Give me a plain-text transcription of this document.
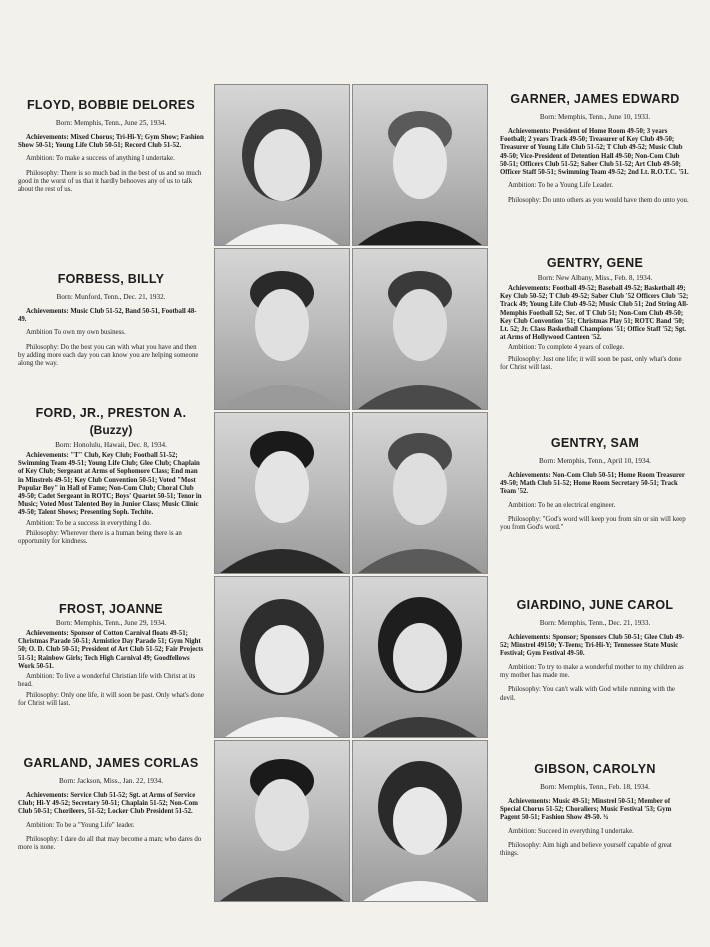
FLOYD, BOBBIE DELORES
Born: Memphis, Tenn., June 25, 1934.
Achievements: Mixed Chorus; Tri-Hi-Y; Gym Show; Fashion Show 50-51; Young Life Club 50-51; Record Club 51-52.
Ambition: To make a success of anything I undertake.
Philosophy: There is so much bad in the best of us and so much good in the worst of us that it hardly behooves any of us to talk about the rest of us.
FORBESS, BILLY
Born: Munford, Tenn., Dec. 21, 1932.
Achievements: Music Club 51-52, Band 50-51, Football 48-49.
Ambition To own my own business.
Philosophy: Do the best you can with what you have and then by adding more each day you can know you are helping someone along the way.
FORD, JR., PRESTON A.
(Buzzy)
Born: Honolulu, Hawaii, Dec. 8, 1934.
Achievements: "T" Club, Key Club; Football 51-52; Swimming Team 49-51; Young Life Club; Glee Club; Chaplain of Key Club; Sergeant at Arms of Sophomore Class; End man in Minstrels 49-51; Key Club Convention 50-51; Voted "Most Popular Boy" in Hall of Fame; Non-Com Club; Choral Club 49-50; Cadet Sergeant in ROTC; Boys' Quartet 50-51; Tenor in Music; Voted Most Talented Boy in Junior Class; Music Clinic 49-50; Talent Shows; Presenting Soph. Techite.
Ambition: To be a success in everything I do.
Philosophy: Wherever there is a human being there is an opportunity for kindness.
FROST, JOANNE
Born: Memphis, Tenn., June 29, 1934.
Achievements: Sponsor of Cotton Carnival floats 49-51; Christmas Parade 50-51; Armistice Day Parade 51; Gym Night 50; O. D. Club 50-51; President of Art Club 51-52; Fair Projects 51-51; Rainbow Girls; Tech High Carnival 49; Goodfellows Work 50-51.
Ambition: To live a wonderful Christian life with Christ at its head.
Philosophy: Only one life, it will soon be past. Only what's done for Christ will last.
GARLAND, JAMES CORLAS
Born: Jackson, Miss., Jan. 22, 1934.
Achievements: Service Club 51-52; Sgt. at Arms of Service Club; Hi-Y 49-52; Secretary 50-51; Chaplain 51-52; Non-Com Club 50-51; Chorileers, 51-52; Locker Club President 51-52.
Ambition: To be a "Young Life" leader.
Philosophy: I dare do all that may become a man; who dares do more is none.
GARNER, JAMES EDWARD
Born: Memphis, Tenn., June 10, 1933.
Achievements: President of Home Room 49-50; 3 years Football; 2 years Track 49-50; Treasurer of Key Club 49-50; Treasurer of Young Life Club 51-52; T Club 49-52; Music Club 49-50; Vice-President of Detention Hall 49-50; Non-Com Club 50-51; Officers Club 51-52; Saber Club 51-52; Art Club 49-50; Officer Staff 50-51; Swimming Team 49-52; 2nd Lt. R.O.T.C. '51.
Ambition: To be a Young Life Leader.
Philosophy: Do unto others as you would have them do unto you.
GENTRY, GENE
Born: New Albany, Miss., Feb. 8, 1934.
Achievements: Football 49-52; Baseball 49-52; Basketball 49; Key Club 50-52; T Club 49-52; Saber Club '52 Officers Club '52; Track 49; Young Life Club 49-52; Music Club 51; 2nd String All-Memphis Football 52; Sec. of T Club 51; Non-Com Club 49-50; Key Club Convention '51; Christmas Play 51; ROTC Band '50; Lt. 52; Jr. Class Basketball Champions '51; Office Staff '52; Sgt. at Arms of Hollywood Canteen '52.
Ambition: To complete 4 years of college.
Philosophy: Just one life; it will soon be past, only what's done for Christ will last.
GENTRY, SAM
Born: Memphis, Tenn., April 10, 1934.
Achievements: Non-Com Club 50-51; Home Room Treasurer 49-50; Math Club 51-52; Home Room Secretary 50-51; Track Team '52.
Ambition: To be an electrical engineer.
Philosophy: "God's word will keep you from sin or sin will keep you from God's word."
GIARDINO, JUNE CAROL
Born: Memphis, Tenn., Dec. 21, 1933.
Achievements: Sponsor; Sponsors Club 50-51; Glee Club 49-52; Minstrel 49150; Y-Teens; Tri-Hi-Y; Tennessee State Music Festival; Gym Festival 49-50.
Ambition: To try to make a wonderful mother to my children as my mother has made me.
Philosophy: You can't walk with God while running with the devil.
GIBSON, CAROLYN
Born: Memphis, Tenn., Feb. 18, 1934.
Achievements: Music 49-51; Minstrel 50-51; Member of Special Chorus 51-52; Choraliers; Music Festival '53; Gym Pagent 50-51; Fashion Show 49-50. ¾
Ambition: Succeed in everything I undertake.
Philosophy: Aim high and believe yourself capable of great things.
